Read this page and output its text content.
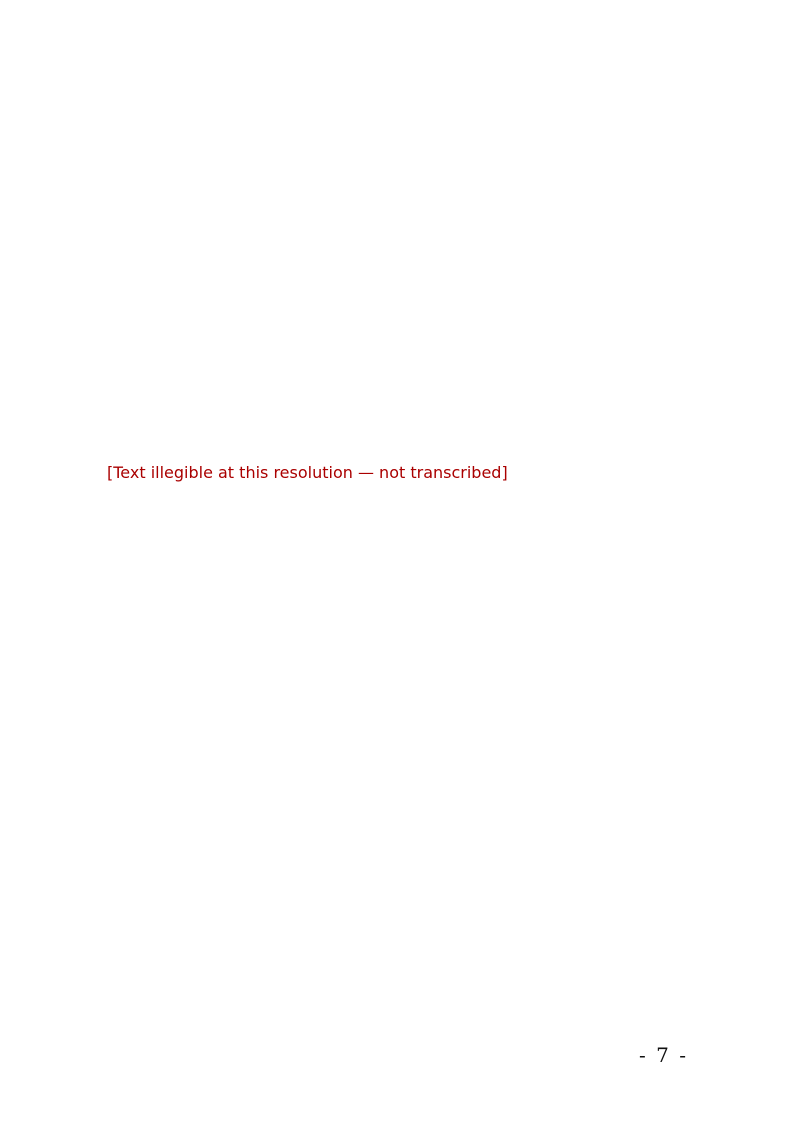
[Text illegible at this resolution — not transcribed]
- 7 -
